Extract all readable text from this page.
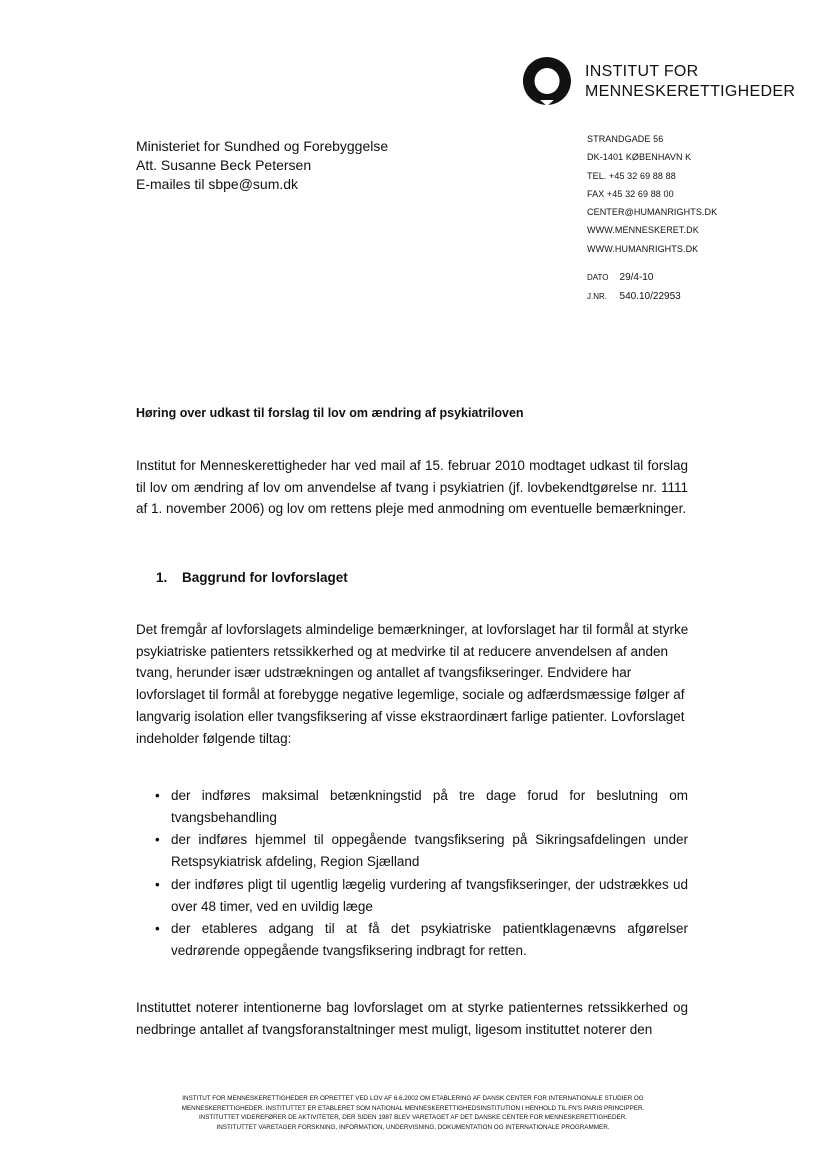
INSTITUT FOR
MENNESKERETTIGHEDER
Ministeriet for Sundhed og Forebyggelse
Att. Susanne Beck Petersen
E-mailes til sbpe@sum.dk
STRANDGADE 56
DK-1401 KØBENHAVN K
TEL. +45 32 69 88 88
FAX +45 32 69 88 00
CENTER@HUMANRIGHTS.DK
WWW.MENNESKERET.DK
WWW.HUMANRIGHTS.DK
DATO 29/4-10
J.NR. 540.10/22953
Høring over udkast til forslag til lov om ændring af psykiatriloven
Institut for Menneskerettigheder har ved mail af 15. februar 2010 modtaget udkast til forslag til lov om ændring af lov om anvendelse af tvang i psykiatrien (jf. lovbekendtgørelse nr. 1111 af 1. november 2006) og lov om rettens pleje med anmodning om eventuelle bemærkninger.
1. Baggrund for lovforslaget
Det fremgår af lovforslagets almindelige bemærkninger, at lovforslaget har til formål at styrke psykiatriske patienters retssikkerhed og at medvirke til at reducere anvendelsen af anden tvang, herunder især udstrækningen og antallet af tvangsfikseringer. Endvidere har lovforslaget til formål at forebygge negative legemlige, sociale og adfærdsmæssige følger af langvarig isolation eller tvangsfiksering af visse ekstraordinært farlige patienter. Lovforslaget indeholder følgende tiltag:
• der indføres maksimal betænkningstid på tre dage forud for beslutning om tvangsbehandling
• der indføres hjemmel til oppegående tvangsfiksering på Sikringsafdelingen under Retspsykiatrisk afdeling, Region Sjælland
• der indføres pligt til ugentlig lægelig vurdering af tvangsfikseringer, der udstrækkes ud over 48 timer, ved en uvildig læge
• der etableres adgang til at få det psykiatriske patientklagenævns afgørelser vedrørende oppegående tvangsfiksering indbragt for retten.
Instituttet noterer intentionerne bag lovforslaget om at styrke patienternes retssikkerhed og nedbringe antallet af tvangsforanstaltninger mest muligt, ligesom instituttet noterer den
INSTITUT FOR MENNESKERETTIGHEDER ER OPRETTET VED LOV AF 6.6.2002 OM ETABLERING AF DANSK CENTER FOR INTERNATIONALE STUDIER OG
MENNESKERETTIGHEDER. INSTITUTTET ER ETABLERET SOM NATIONAL MENNESKERETTIGHEDSINSTITUTION I HENHOLD TIL FN'S PARIS PRINCIPPER.
INSTITUTTET VIDEREFØRER DE AKTIVITETER, DER SIDEN 1987 BLEV VARETAGET AF DET DANSKE CENTER FOR MENNESKERETTIGHEDER.
INSTITUTTET VARETAGER FORSKNING, INFORMATION, UNDERVISNING, DOKUMENTATION OG INTERNATIONALE PROGRAMMER.
